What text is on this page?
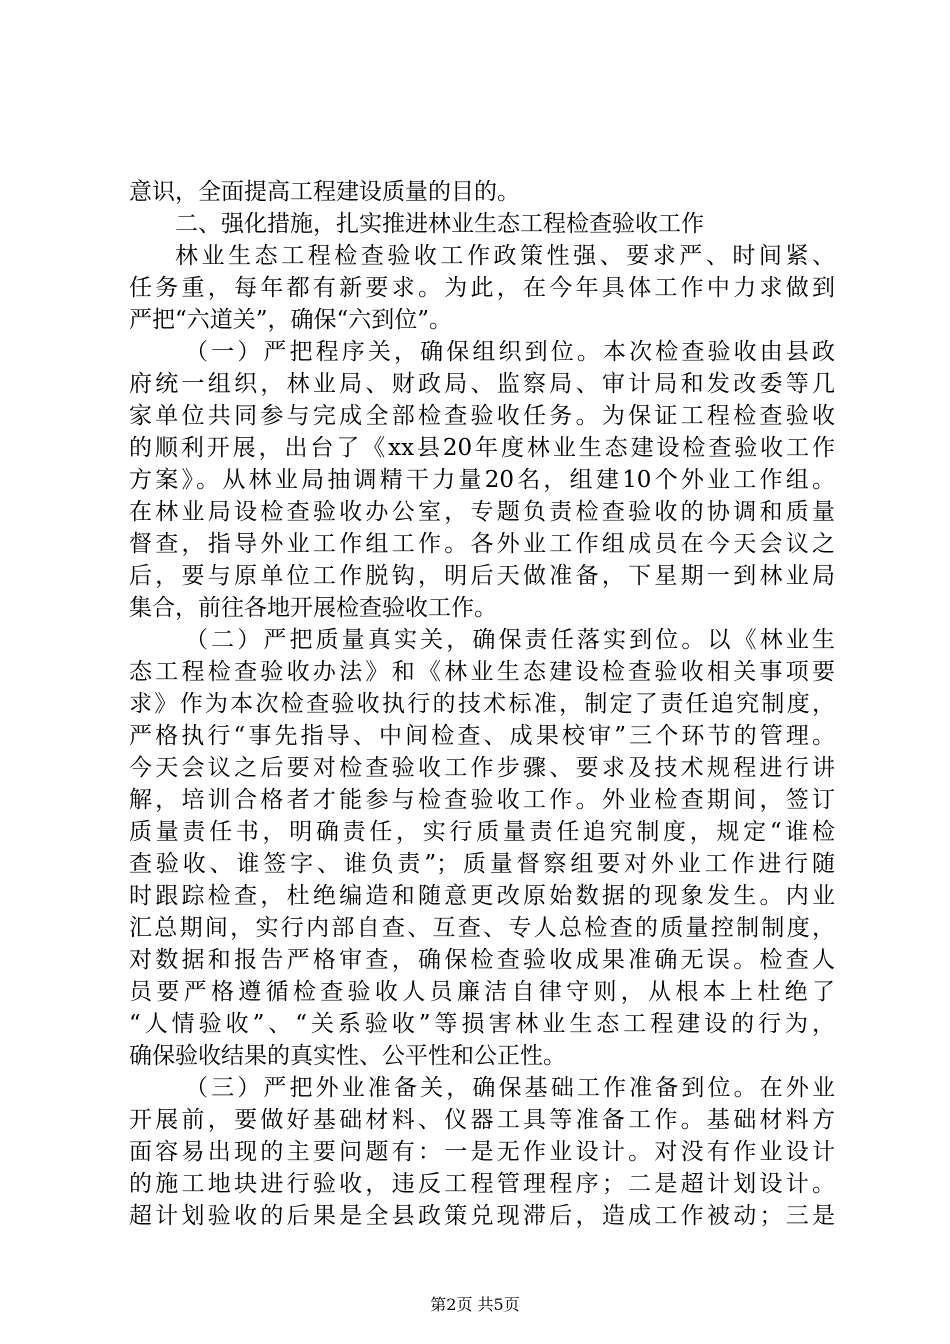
意识，全面提高工程建设质量的目的。
二、强化措施，扎实推进林业生态工程检查验收工作
林业生态工程检查验收工作政策性强、要求严、时间紧、
任务重，每年都有新要求。为此，在今年具体工作中力求做到
严把“六道关”，确保“六到位”。
（一）严把程序关，确保组织到位。本次检查验收由县政
府统一组织，林业局、财政局、监察局、审计局和发改委等几
家单位共同参与完成全部检查验收任务。为保证工程检查验收
的顺利开展，出台了《xx县20年度林业生态建设检查验收工作
方案》。从林业局抽调精干力量20名，组建10个外业工作组。
在林业局设检查验收办公室，专题负责检查验收的协调和质量
督查，指导外业工作组工作。各外业工作组成员在今天会议之
后，要与原单位工作脱钩，明后天做准备，下星期一到林业局
集合，前往各地开展检查验收工作。
（二）严把质量真实关，确保责任落实到位。以《林业生
态工程检查验收办法》和《林业生态建设检查验收相关事项要
求》作为本次检查验收执行的技术标准，制定了责任追究制度，
严格执行“事先指导、中间检查、成果校审”三个环节的管理。
今天会议之后要对检查验收工作步骤、要求及技术规程进行讲
解，培训合格者才能参与检查验收工作。外业检查期间，签订
质量责任书，明确责任，实行质量责任追究制度，规定“谁检
查验收、谁签字、谁负责”；质量督察组要对外业工作进行随
时跟踪检查，杜绝编造和随意更改原始数据的现象发生。内业
汇总期间，实行内部自查、互查、专人总检查的质量控制制度，
对数据和报告严格审查，确保检查验收成果准确无误。检查人
员要严格遵循检查验收人员廉洁自律守则，从根本上杜绝了
“人情验收”、“关系验收”等损害林业生态工程建设的行为，
确保验收结果的真实性、公平性和公正性。
（三）严把外业准备关，确保基础工作准备到位。在外业
开展前，要做好基础材料、仪器工具等准备工作。基础材料方
面容易出现的主要问题有：一是无作业设计。对没有作业设计
的施工地块进行验收，违反工程管理程序；二是超计划设计。
超计划验收的后果是全县政策兑现滞后，造成工作被动；三是
第2页 共5页
